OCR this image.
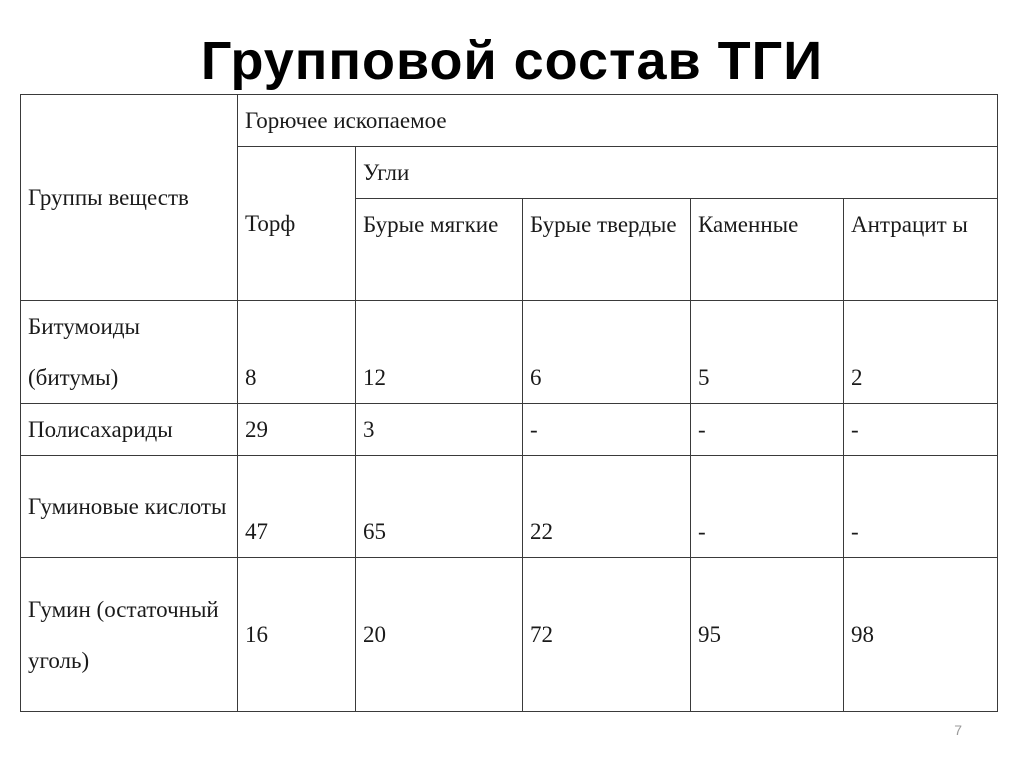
Групповой состав ТГИ
Группы веществ	Горючее ископаемое				
	Торф	Угли			
		Бурые мягкие	Бурые твердые	Каменные	Антрацит ы
Битумоиды (битумы)	8	12	6	5	2
Полисахариды	29	3	-	-	-
Гуминовые кислоты	47	65	22	-	-
Гумин (остаточный уголь)	16	20	72	95	98
7
